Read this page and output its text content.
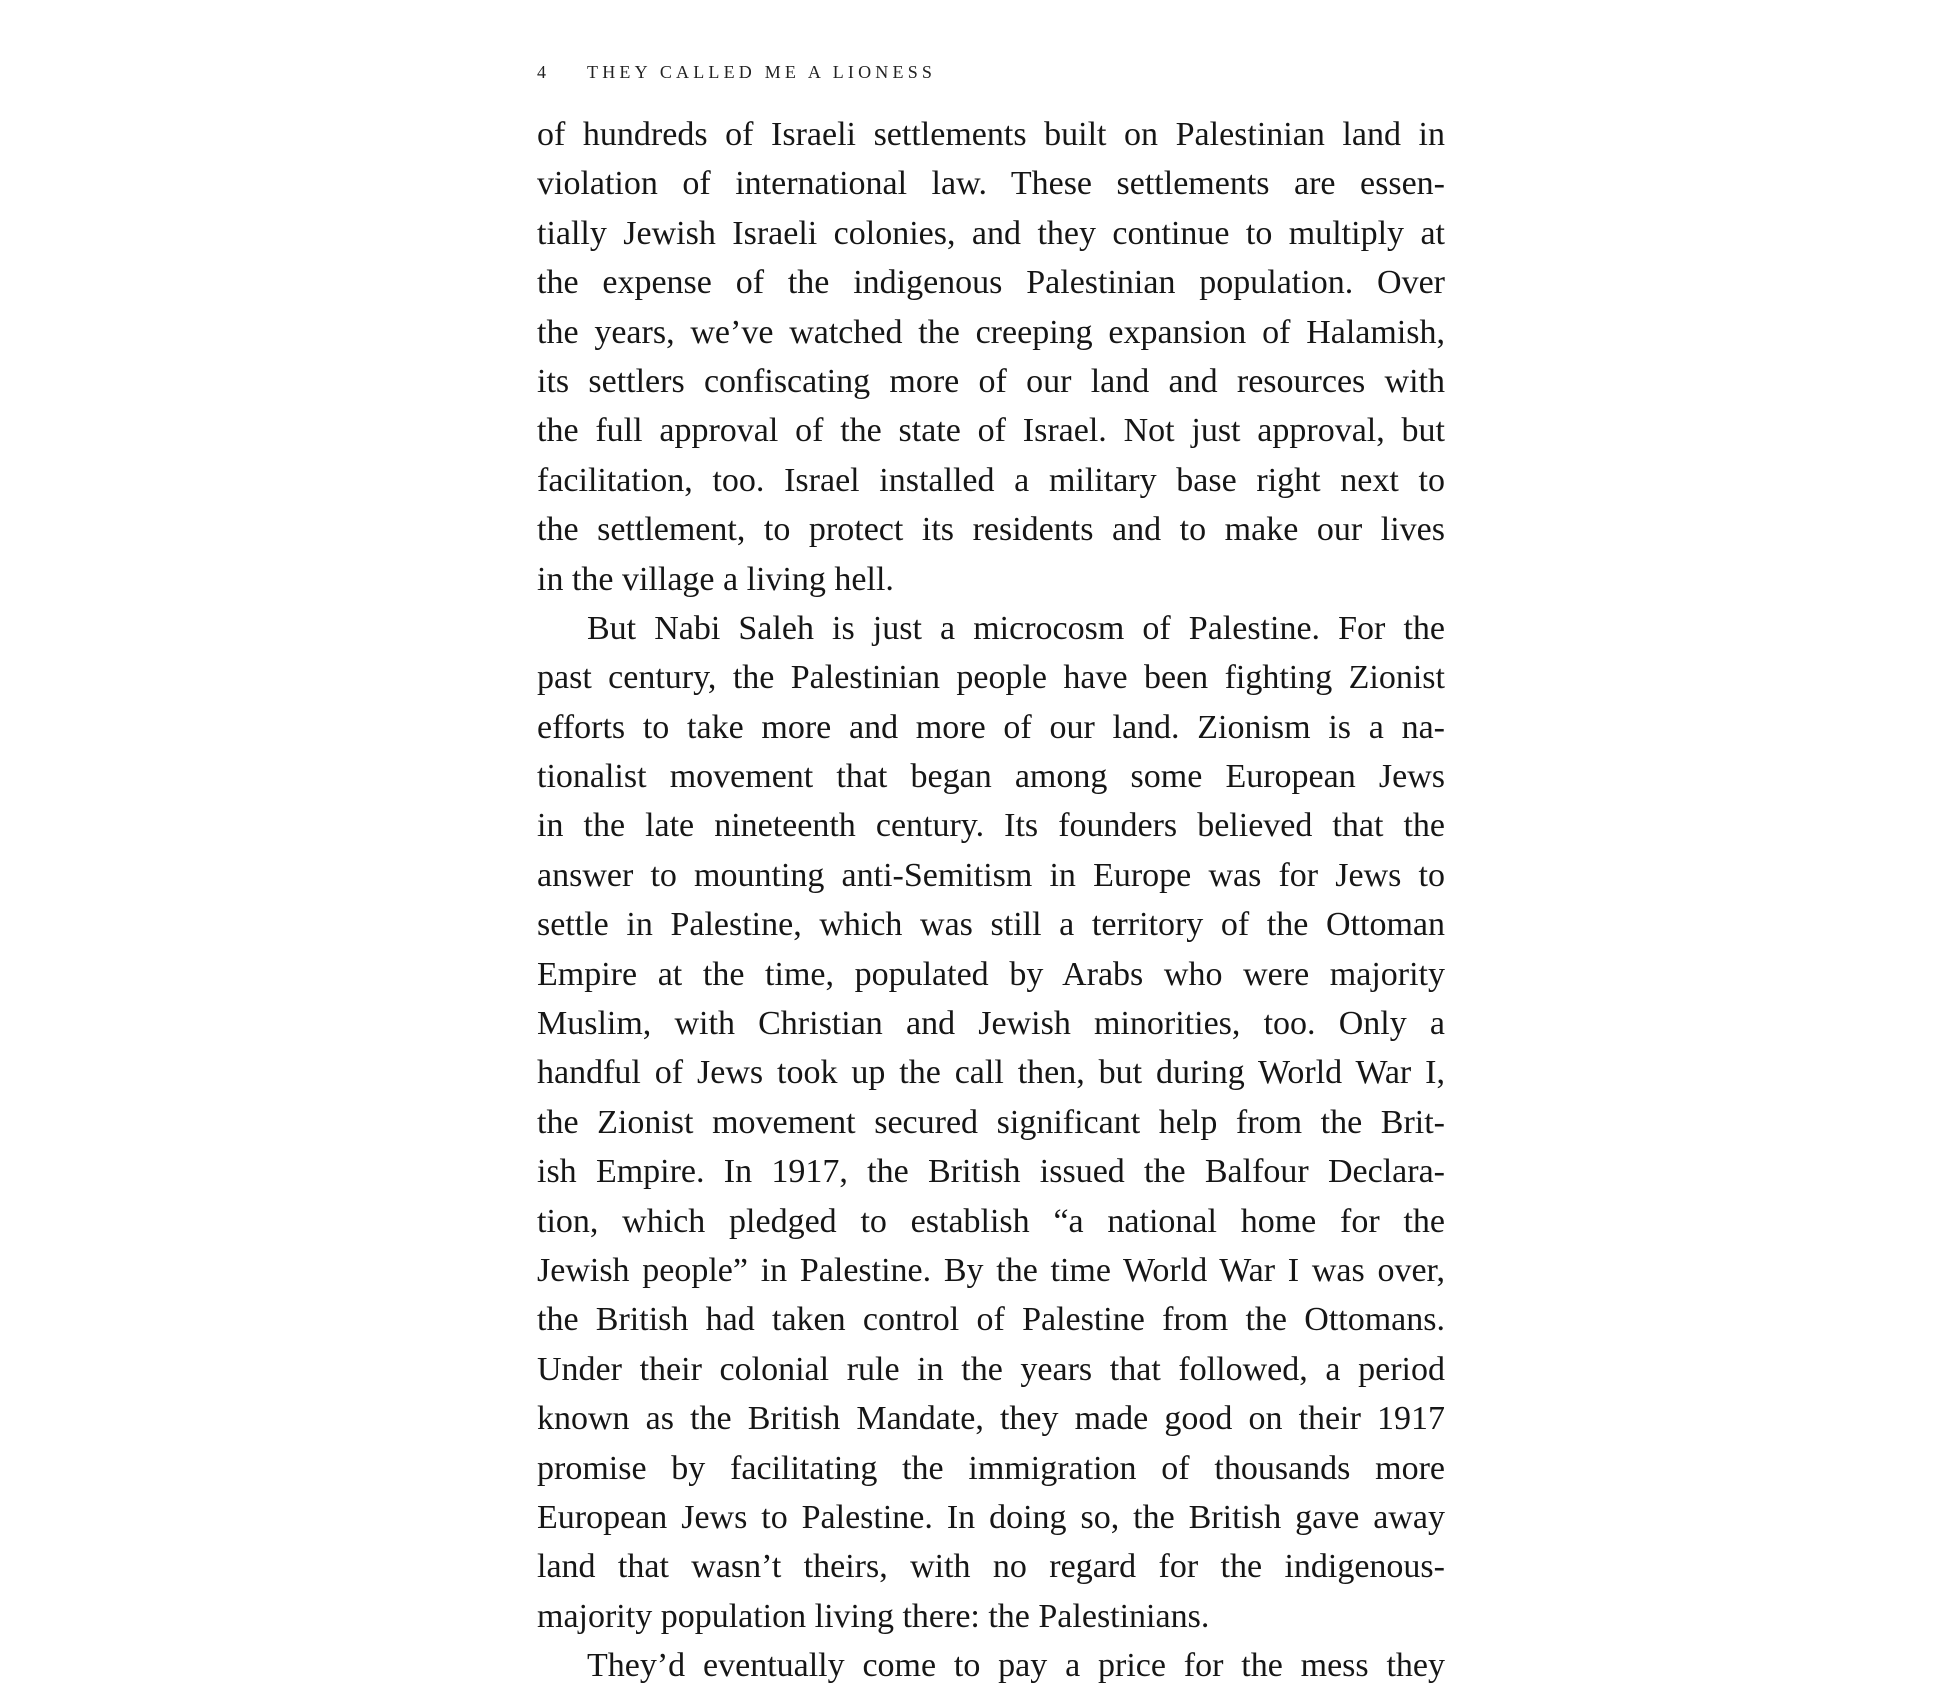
4 THEY CALLED ME A LIONESS
of hundreds of Israeli settlements built on Palestinian land in
violation of international law. These settlements are essen-
tially Jewish Israeli colonies, and they continue to multiply at
the expense of the indigenous Palestinian population. Over
the years, we’ve watched the creeping expansion of Halamish,
its settlers confiscating more of our land and resources with
the full approval of the state of Israel. Not just approval, but
facilitation, too. Israel installed a military base right next to
the settlement, to protect its residents and to make our lives
in the village a living hell.
But Nabi Saleh is just a microcosm of Palestine. For the
past century, the Palestinian people have been fighting Zionist
efforts to take more and more of our land. Zionism is a na-
tionalist movement that began among some European Jews
in the late nineteenth century. Its founders believed that the
answer to mounting anti-Semitism in Europe was for Jews to
settle in Palestine, which was still a territory of the Ottoman
Empire at the time, populated by Arabs who were majority
Muslim, with Christian and Jewish minorities, too. Only a
handful of Jews took up the call then, but during World War I,
the Zionist movement secured significant help from the Brit-
ish Empire. In 1917, the British issued the Balfour Declara-
tion, which pledged to establish “a national home for the
Jewish people” in Palestine. By the time World War I was over,
the British had taken control of Palestine from the Ottomans.
Under their colonial rule in the years that followed, a period
known as the British Mandate, they made good on their 1917
promise by facilitating the immigration of thousands more
European Jews to Palestine. In doing so, the British gave away
land that wasn’t theirs, with no regard for the indigenous-
majority population living there: the Palestinians.
They’d eventually come to pay a price for the mess they
